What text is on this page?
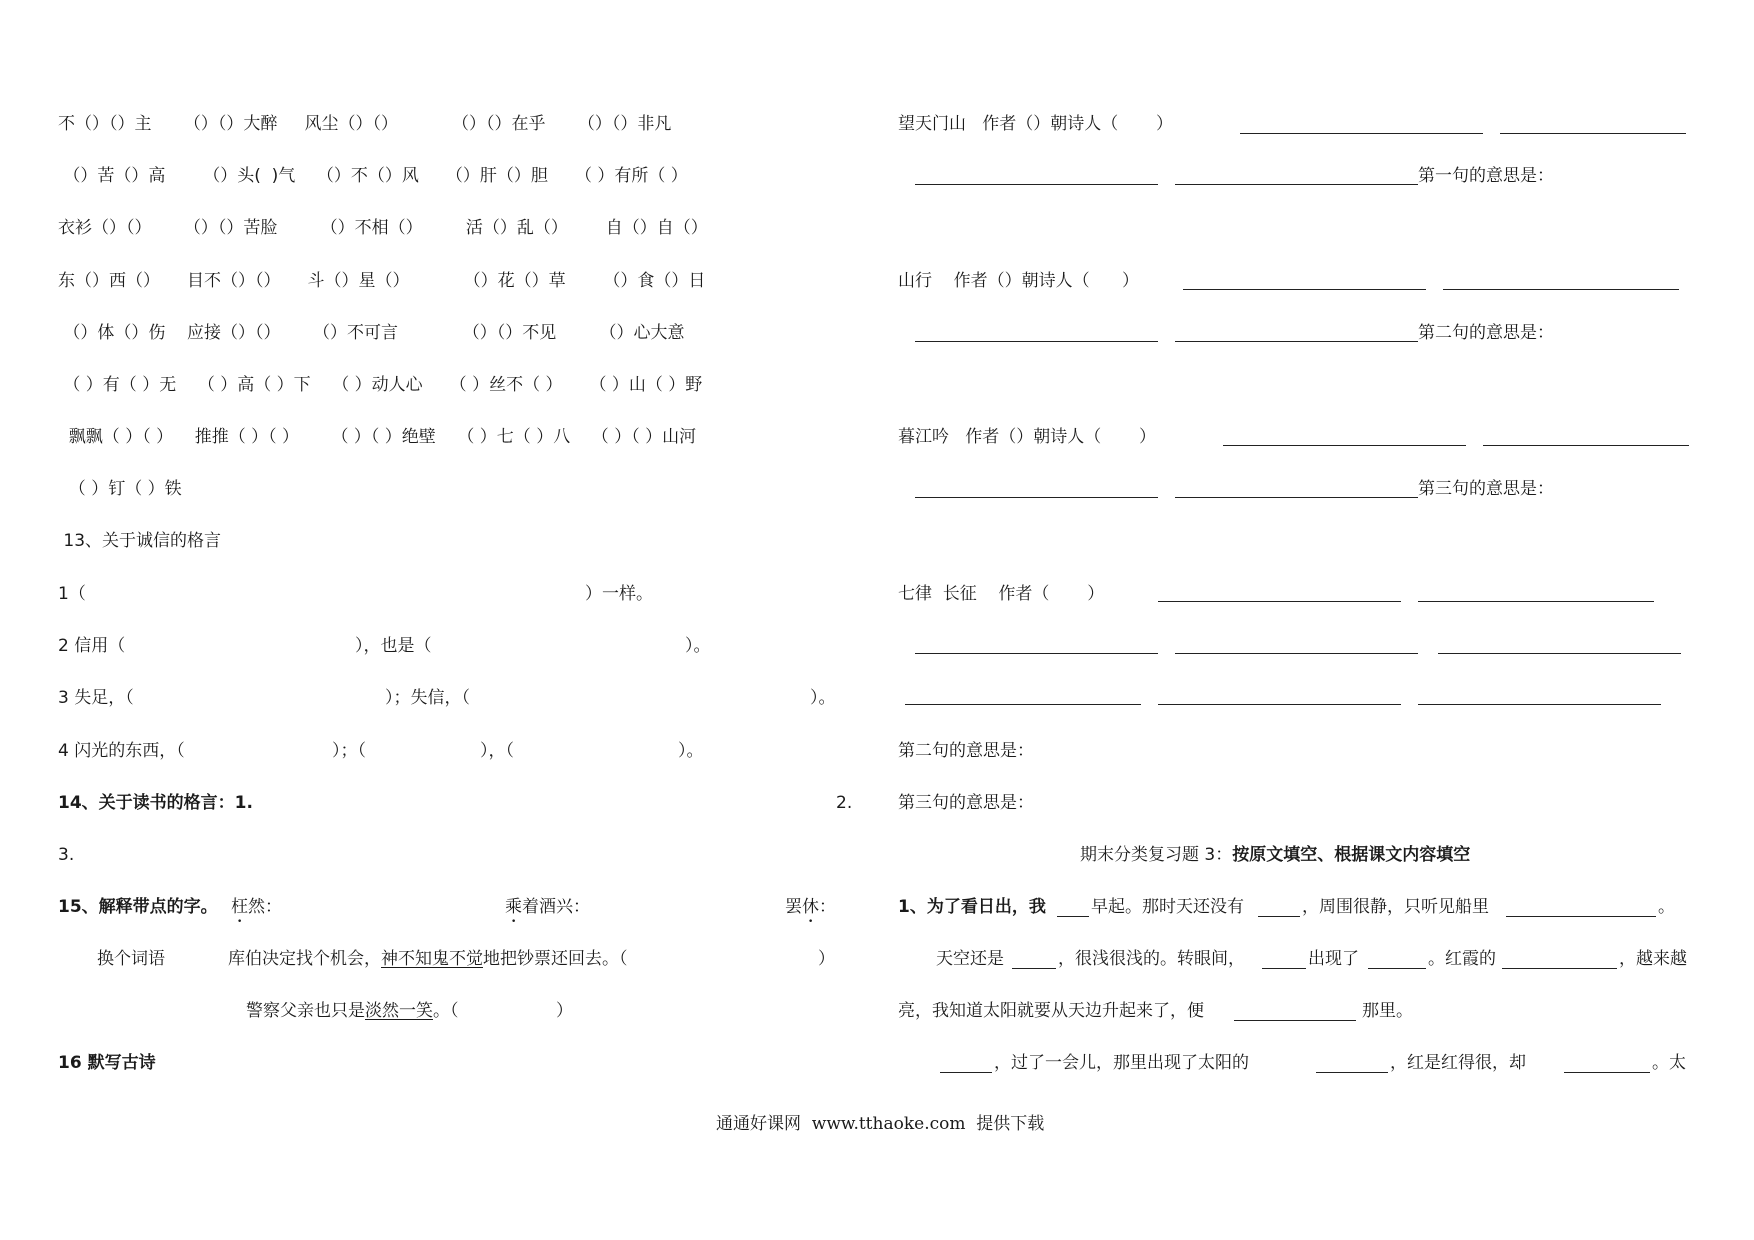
不（）（）主      （）（）大醉     风尘（）（）          （）（）在乎      （）（）非凡
（）苦（）高       （）头(  )气    （）不（）风     （）肝（）胆     （ ）有所（ ）
衣衫（）（）      （）（）苦脸        （）不相（）        活（）乱（）       自（）自（）
东（）西（）     目不（）（）     斗（）星（）          （）花（）草       （）食（）日
（）体（）伤    应接（）（）      （）不可言            （）（）不见        （）心大意
（ ）有（ ）无    （ ）高（ ）下    （ ）动人心     （ ）丝不（ ）     （ ）山（ ）野
飘飘（ ）（ ）    推推（ ）（ ）      （ ）（ ）绝壁    （ ）七（ ）八    （ ）（ ）山河
（ ）钉（ ）铁
13、关于诚信的格言
1（	）一样。
2 信用（	），也是（	）。
3 失足，（	）；失信，（	）。
4 闪光的东西，（	）；（	），（	）。
14、关于读书的格言：1.	2.
3.
15、解释带点的字。 枉然：	乘着酒兴：	罢休：
换个词语	库伯决定找个机会，神不知鬼不觉地把钞票还回去。（	）
警察父亲也只是淡然一笑。（	）
16 默写古诗
望天门山   作者（）朝诗人（       ）
第一句的意思是：
山行    作者（）朝诗人（      ）
第二句的意思是：
暮江吟   作者（）朝诗人（       ）
第三句的意思是：
七律  长征    作者（       ）
第二句的意思是：
第三句的意思是：
期末分类复习题 3：按原文填空、根据课文内容填空
1、为了看日出，我	早起。那时天还没有	，周围很静，只听见船里	。
天空还是	，很浅很浅的。转眼间，	出现了	。红霞的	，越来越
亮，我知道太阳就要从天边升起来了，便	那里。
，过了一会儿，那里出现了太阳的	，红是红得很，却	。太
通通好课网  www.tthaoke.com  提供下载
